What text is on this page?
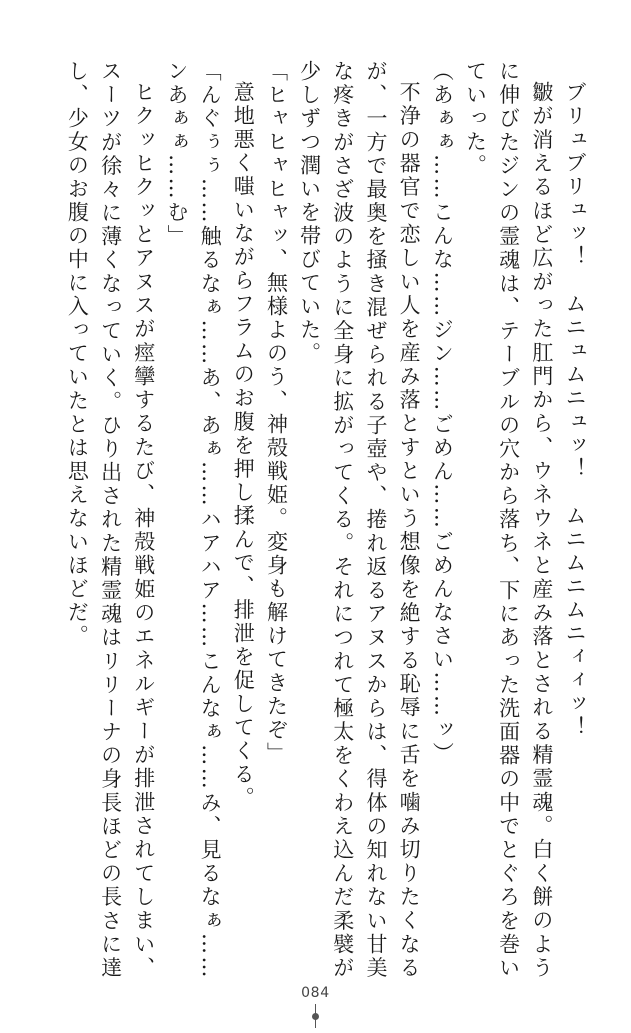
ブリュブリュッ！　ムニュムニュッ！　ムニムニムニィィッ！

皺が消えるほど広がった肛門から、ウネウネと産み落とされる精霊魂。白く餅のように伸びたジンの霊魂は、テーブルの穴から落ち、下にあった洗面器の中でとぐろを巻いていった。

（あぁぁ……こんな……ジン……ごめん……ごめんなさい……ッ）

不浄の器官で恋しい人を産み落とすという想像を絶する恥辱に舌を噛み切りたくなるが、一方で最奥を掻き混ぜられる子壺や、捲れ返るアヌスからは、得体の知れない甘美な疼きがさざ波のように全身に拡がってくる。それにつれて極太をくわえ込んだ柔襞が少しずつ潤いを帯びていた。

「ヒャヒャヒャッ、無様よのう、神殻戦姫。変身も解けてきたぞ」

意地悪く嗤いながらフラムのお腹を押し揉んで、排泄を促してくる。

「んぐぅぅ……触るなぁ……あ、あぁ……ハアハア……こんなぁ……み、見るなぁ……ンあぁぁ……む」

ヒクッヒクッとアヌスが痙攣するたび、神殻戦姫のエネルギーが排泄されてしまい、スーツが徐々に薄くなっていく。ひり出された精霊魂はリリーナの身長ほどの長さに達し、少女のお腹の中に入っていたとは思えないほどだ。

084
